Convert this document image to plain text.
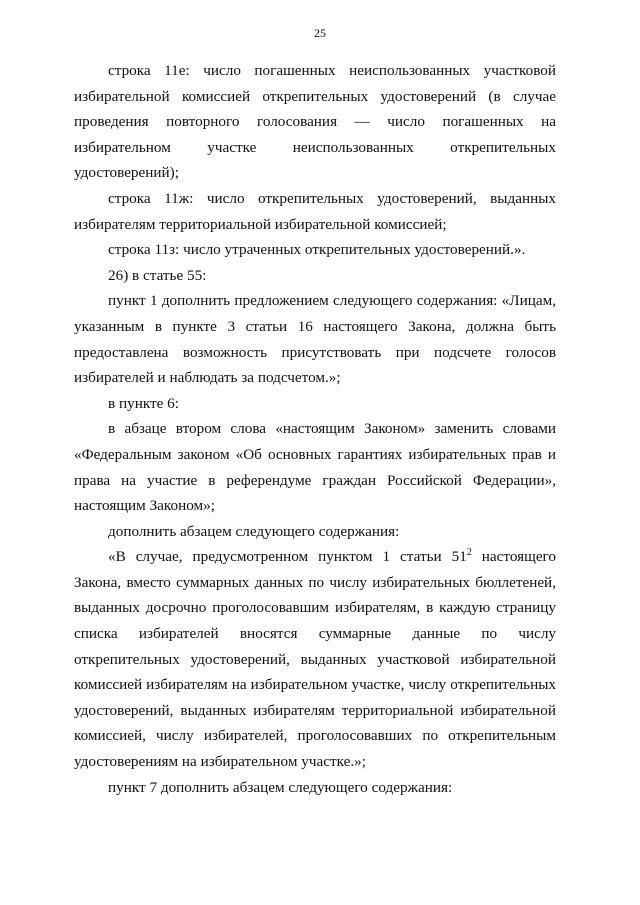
25

строка 11е: число погашенных неиспользованных участковой избирательной комиссией открепительных удостоверений (в случае проведения повторного голосования — число погашенных на избирательном участке неиспользованных открепительных удостоверений);

строка 11ж: число открепительных удостоверений, выданных избирателям территориальной избирательной комиссией;

строка 11з: число утраченных открепительных удостоверений.».

26) в статье 55:

пункт 1 дополнить предложением следующего содержания: «Лицам, указанным в пункте 3 статьи 16 настоящего Закона, должна быть предоставлена возможность присутствовать при подсчете голосов избирателей и наблюдать за подсчетом.»;

в пункте 6:

в абзаце втором слова «настоящим Законом» заменить словами «Федеральным законом «Об основных гарантиях избирательных прав и права на участие в референдуме граждан Российской Федерации», настоящим Законом»;

дополнить абзацем следующего содержания:

«В случае, предусмотренном пунктом 1 статьи $51^2$ настоящего Закона, вместо суммарных данных по числу избирательных бюллетеней, выданных досрочно проголосовавшим избирателям, в каждую страницу списка избирателей вносятся суммарные данные по числу открепительных удостоверений, выданных участковой избирательной комиссией избирателям на избирательном участке, числу открепительных удостоверений, выданных избирателям территориальной избирательной комиссией, числу избирателей, проголосовавших по открепительным удостоверениям на избирательном участке.»;

пункт 7 дополнить абзацем следующего содержания:
